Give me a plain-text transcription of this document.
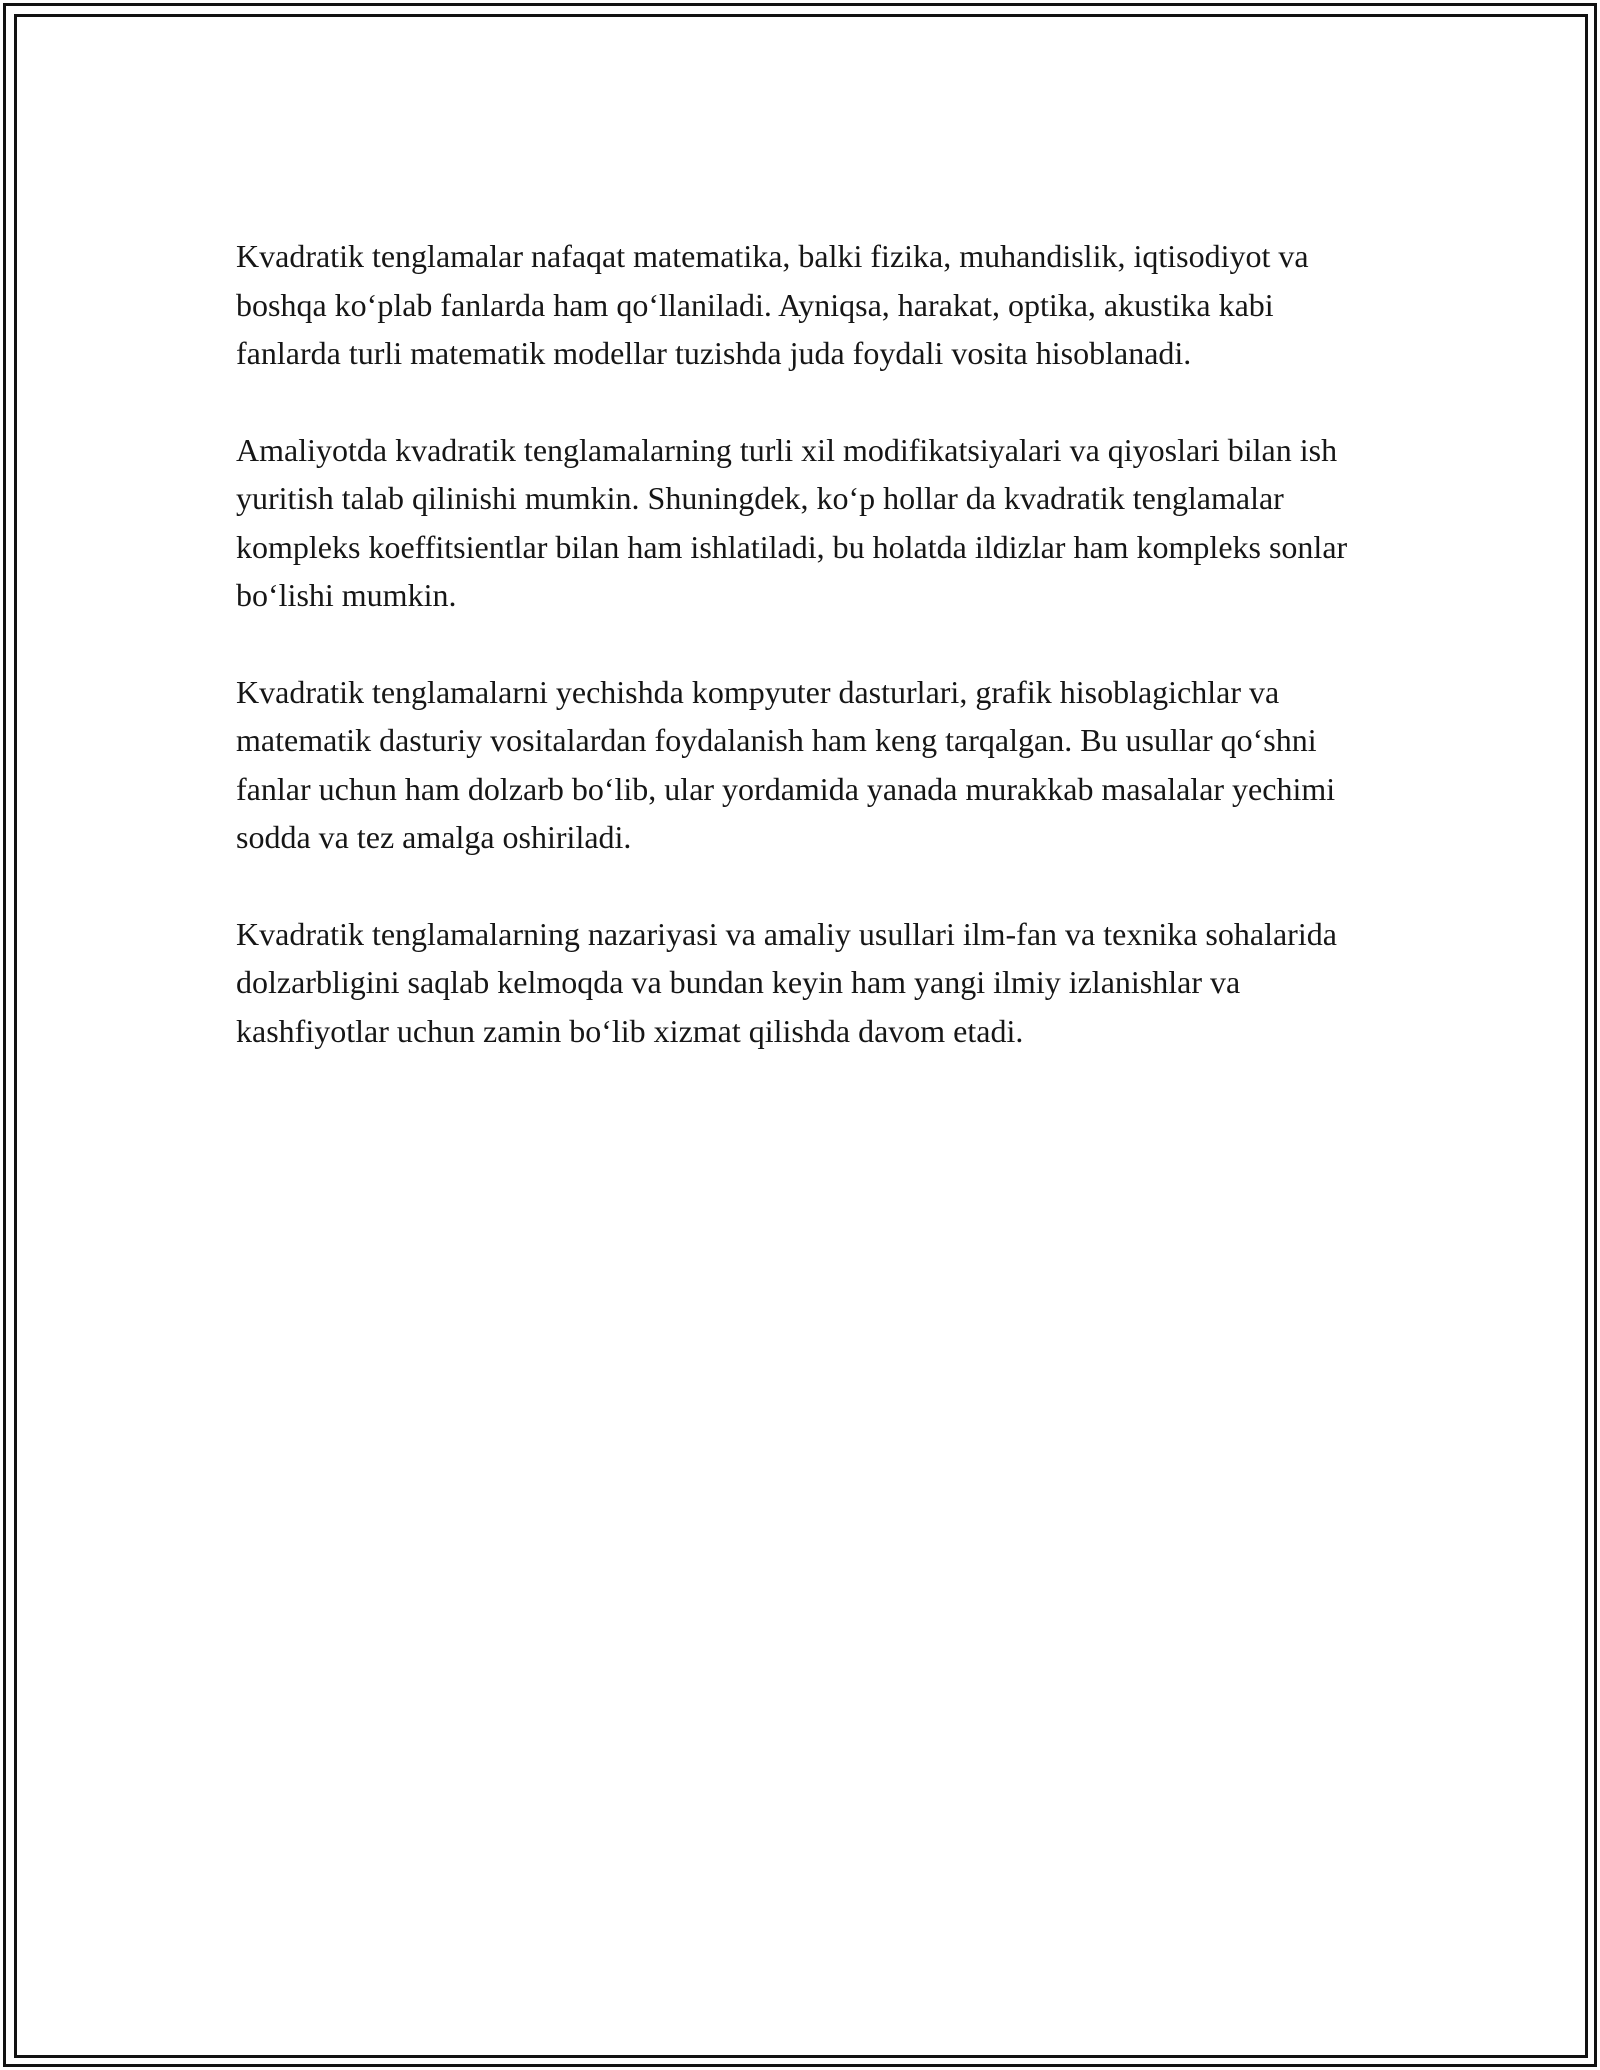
Kvadratik tenglamalar nafaqat matematika, balki fizika, muhandislik, iqtisodiyot va boshqa koʻplab fanlarda ham qoʻllaniladi. Ayniqsa, harakat, optika, akustika kabi fanlarda turli matematik modellar tuzishda juda foydali vosita hisoblanadi.

Amaliyotda kvadratik tenglamalarning turli xil modifikatsiyalari va qiyoslari bilan ish yuritish talab qilinishi mumkin. Shuningdek, koʻp hollar da kvadratik tenglamalar kompleks koeffitsientlar bilan ham ishlatiladi, bu holatda ildizlar ham kompleks sonlar boʻlishi mumkin.

Kvadratik tenglamalarni yechishda kompyuter dasturlari, grafik hisoblagichlar va matematik dasturiy vositalardan foydalanish ham keng tarqalgan. Bu usullar qoʻshni fanlar uchun ham dolzarb boʻlib, ular yordamida yanada murakkab masalalar yechimi sodda va tez amalga oshiriladi.

Kvadratik tenglamalarning nazariyasi va amaliy usullari ilm-fan va texnika sohalarida dolzarbligini saqlab kelmoqda va bundan keyin ham yangi ilmiy izlanishlar va kashfiyotlar uchun zamin boʻlib xizmat qilishda davom etadi.
